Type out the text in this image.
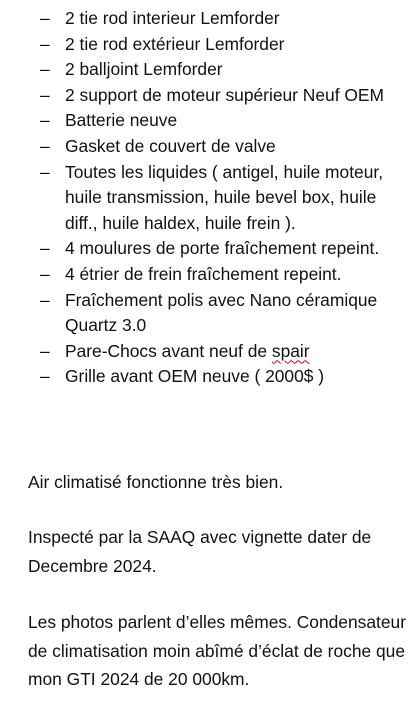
– 2 tie rod interieur Lemforder
– 2 tie rod extérieur Lemforder
– 2 balljoint Lemforder
– 2 support de moteur supérieur Neuf OEM
– Batterie neuve
– Gasket de couvert de valve
– Toutes les liquides ( antigel, huile moteur, huile transmission, huile bevel box, huile diff., huile haldex, huile frein ).
– 4 moulures de porte fraîchement repeint.
– 4 étrier de frein fraîchement repeint.
– Fraîchement polis avec Nano céramique Quartz 3.0
– Pare-Chocs avant neuf de spair
– Grille avant OEM neuve ( 2000$ )

Air climatisé fonctionne très bien.

Inspecté par la SAAQ avec vignette dater de Decembre 2024.

Les photos parlent d’elles mêmes. Condensateur de climatisation moin abîmé d’éclat de roche que mon GTI 2024 de 20 000km.
